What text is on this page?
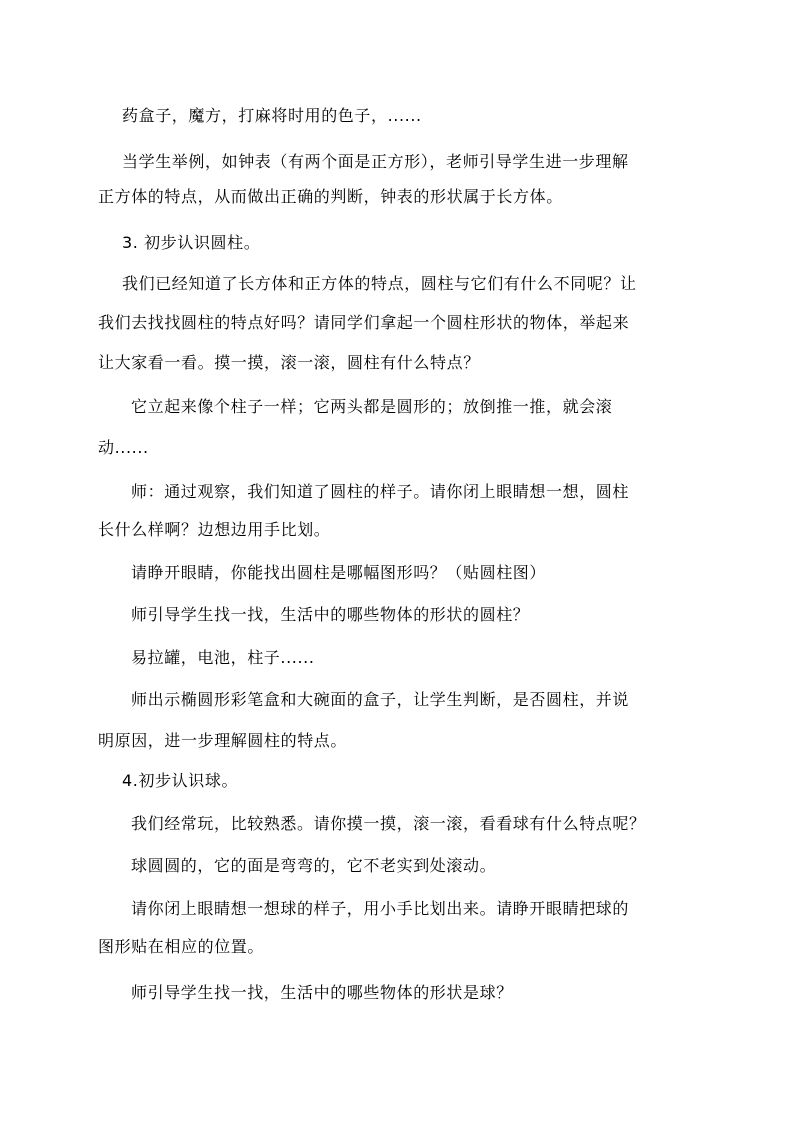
药盒子，魔方，打麻将时用的色子，......
当学生举例，如钟表（有两个面是正方形），老师引导学生进一步理解
正方体的特点，从而做出正确的判断，钟表的形状属于长方体。
3. 初步认识圆柱。
我们已经知道了长方体和正方体的特点，圆柱与它们有什么不同呢？让
我们去找找圆柱的特点好吗？请同学们拿起一个圆柱形状的物体，举起来
让大家看一看。摸一摸，滚一滚，圆柱有什么特点？
它立起来像个柱子一样；它两头都是圆形的；放倒推一推，就会滚
动......
师：通过观察，我们知道了圆柱的样子。请你闭上眼睛想一想，圆柱
长什么样啊？边想边用手比划。
请睁开眼睛，你能找出圆柱是哪幅图形吗？（贴圆柱图）
师引导学生找一找，生活中的哪些物体的形状的圆柱？
易拉罐，电池，柱子......
师出示椭圆形彩笔盒和大碗面的盒子，让学生判断，是否圆柱，并说
明原因，进一步理解圆柱的特点。
4.初步认识球。
我们经常玩，比较熟悉。请你摸一摸，滚一滚，看看球有什么特点呢？
球圆圆的，它的面是弯弯的，它不老实到处滚动。
请你闭上眼睛想一想球的样子，用小手比划出来。请睁开眼睛把球的
图形贴在相应的位置。
师引导学生找一找，生活中的哪些物体的形状是球？
